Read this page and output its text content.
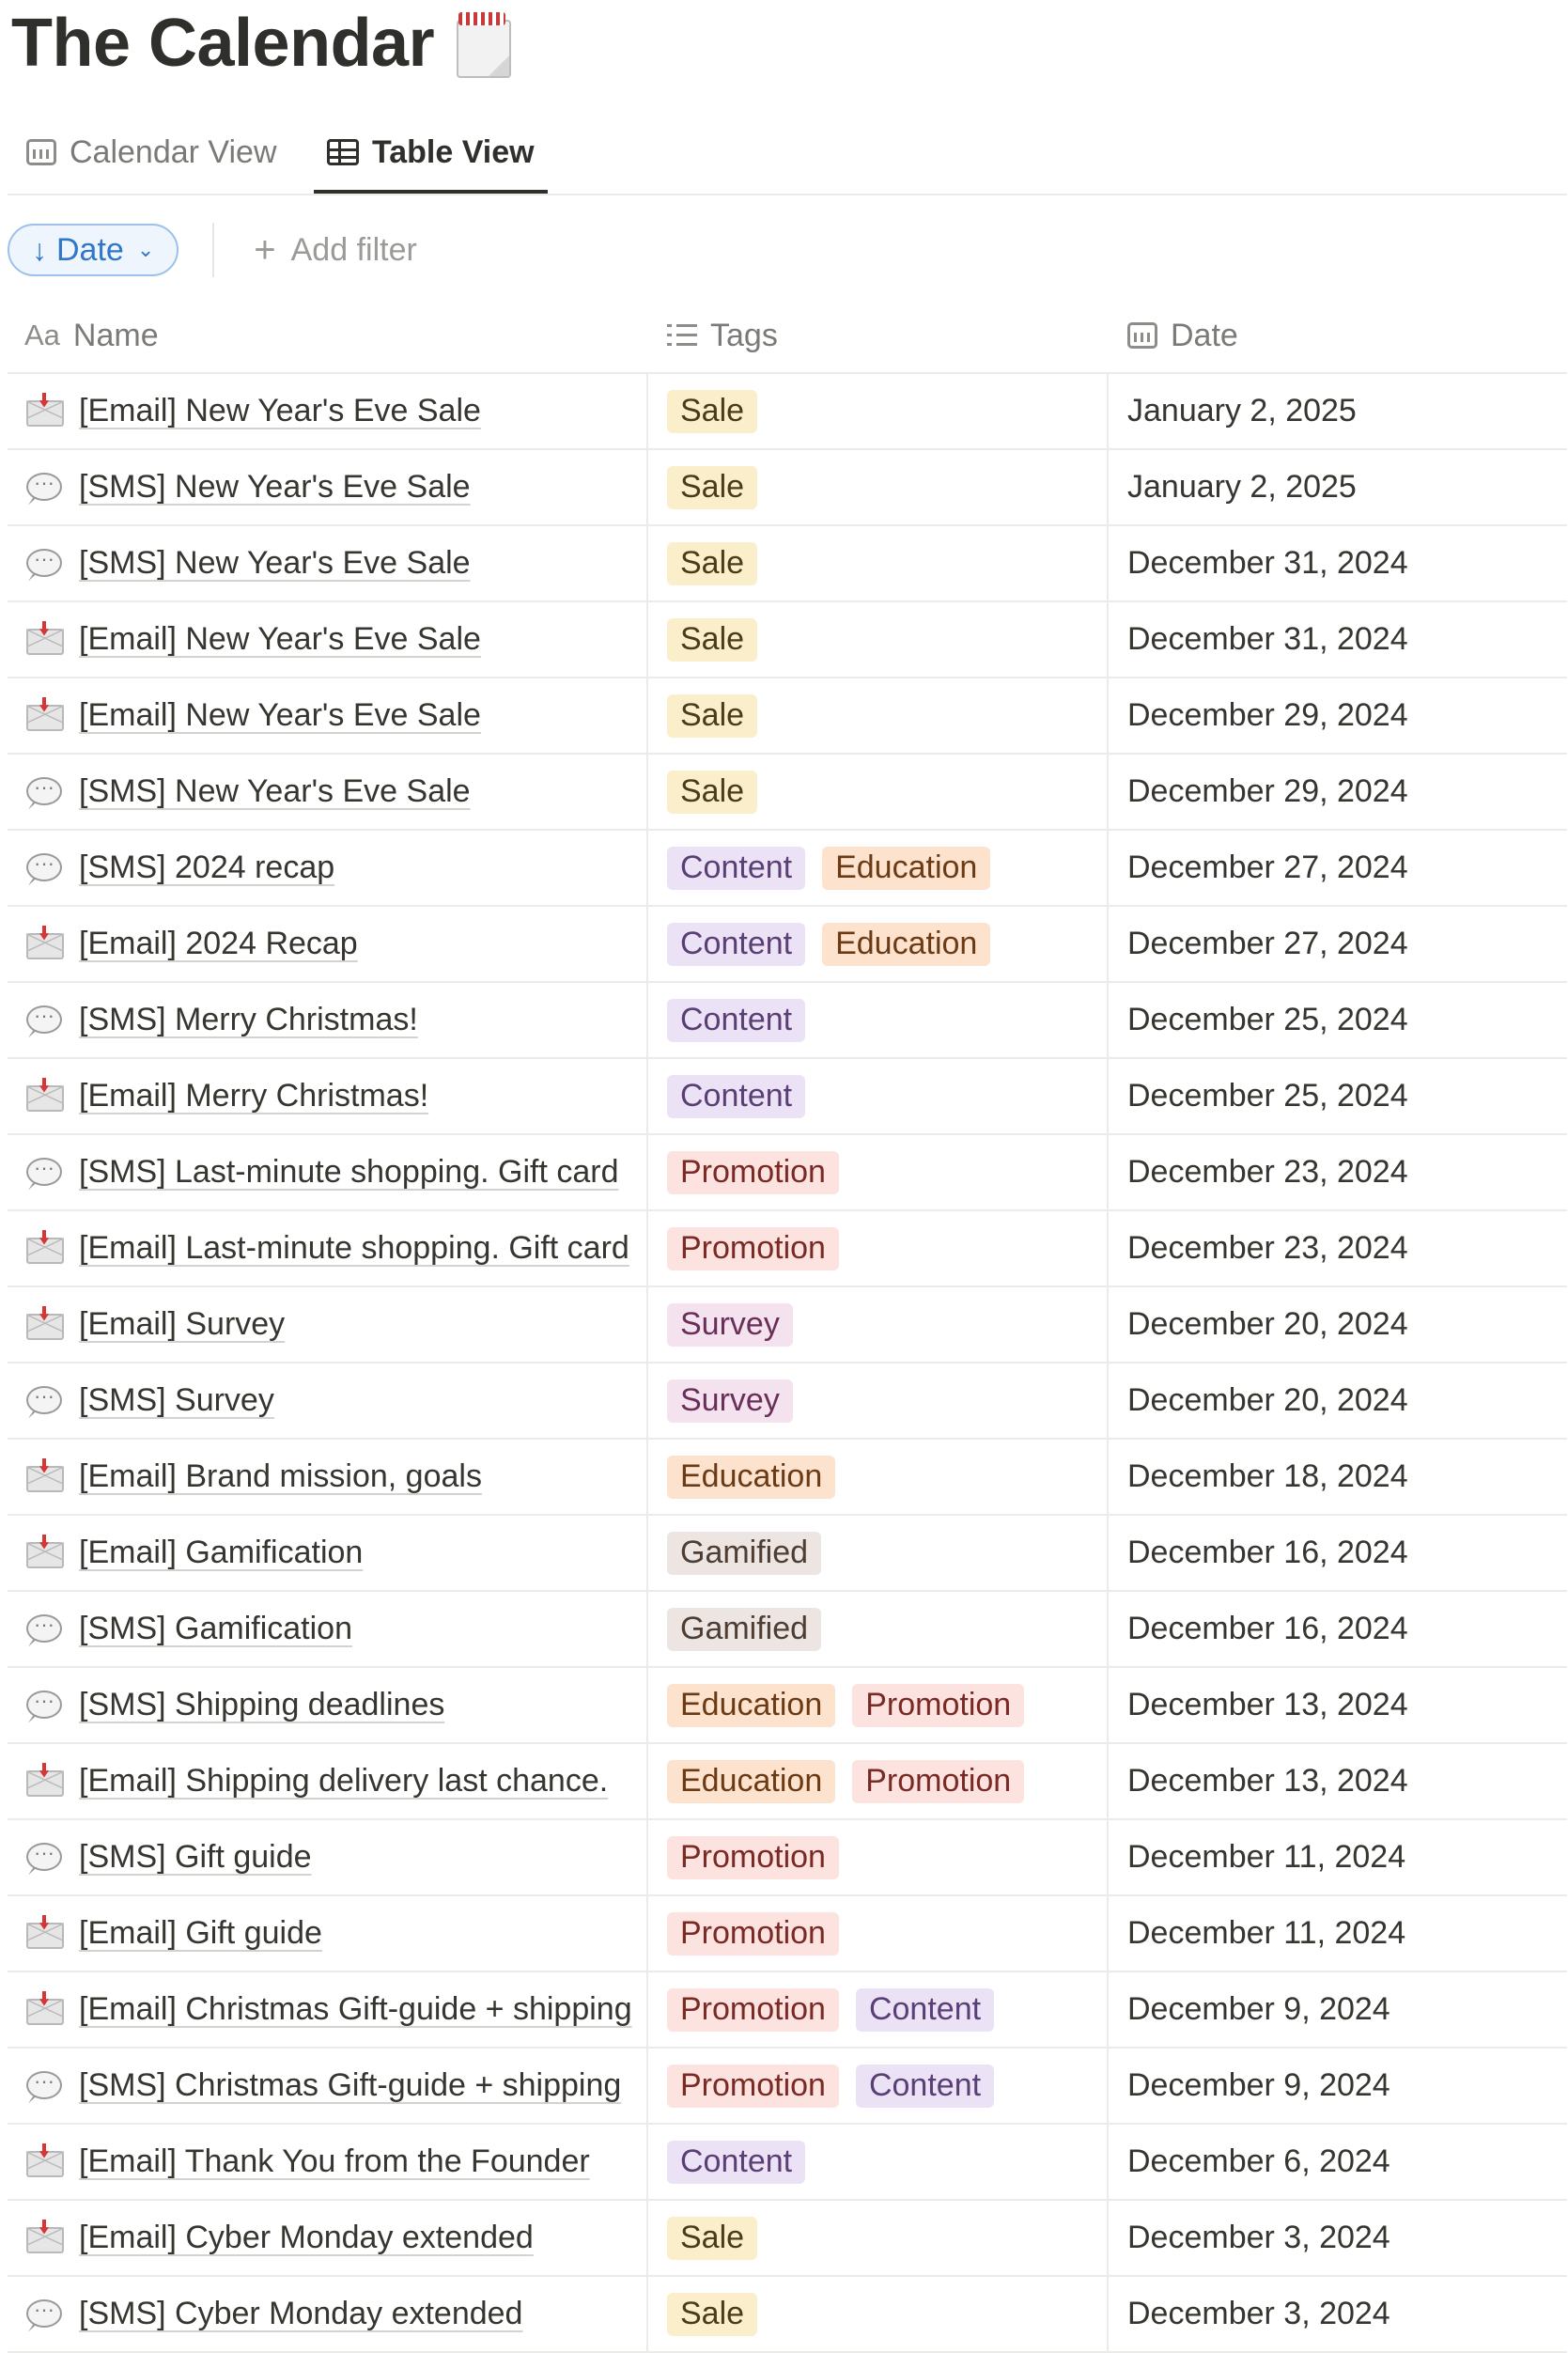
The Calendar
Calendar View	Table View
↓ Date ⌄	+ Add filter
Aa Name	Tags	Date
[Email] New Year's Eve Sale	Sale	January 2, 2025
···
[SMS] New Year's Eve Sale	Sale	January 2, 2025
···
[SMS] New Year's Eve Sale	Sale	December 31, 2024
[Email] New Year's Eve Sale	Sale	December 31, 2024
[Email] New Year's Eve Sale	Sale	December 29, 2024
···
[SMS] New Year's Eve Sale	Sale	December 29, 2024
···
[SMS] 2024 recap	Content	Education	December 27, 2024
[Email] 2024 Recap	Content	Education	December 27, 2024
···
[SMS] Merry Christmas!	Content	December 25, 2024
[Email] Merry Christmas!	Content	December 25, 2024
···
[SMS] Last-minute shopping. Gift card	Promotion	December 23, 2024
[Email] Last-minute shopping. Gift card	Promotion	December 23, 2024
[Email] Survey	Survey	December 20, 2024
···
[SMS] Survey	Survey	December 20, 2024
[Email] Brand mission, goals	Education	December 18, 2024
[Email] Gamification	Gamified	December 16, 2024
···
[SMS] Gamification	Gamified	December 16, 2024
···
[SMS] Shipping deadlines	Education	Promotion	December 13, 2024
[Email] Shipping delivery last chance.	Education	Promotion	December 13, 2024
···
[SMS] Gift guide	Promotion	December 11, 2024
[Email] Gift guide	Promotion	December 11, 2024
[Email] Christmas Gift-guide + shipping	Promotion	Content	December 9, 2024
···
[SMS] Christmas Gift-guide + shipping	Promotion	Content	December 9, 2024
[Email] Thank You from the Founder	Content	December 6, 2024
[Email] Cyber Monday extended	Sale	December 3, 2024
···
[SMS] Cyber Monday extended	Sale	December 3, 2024
